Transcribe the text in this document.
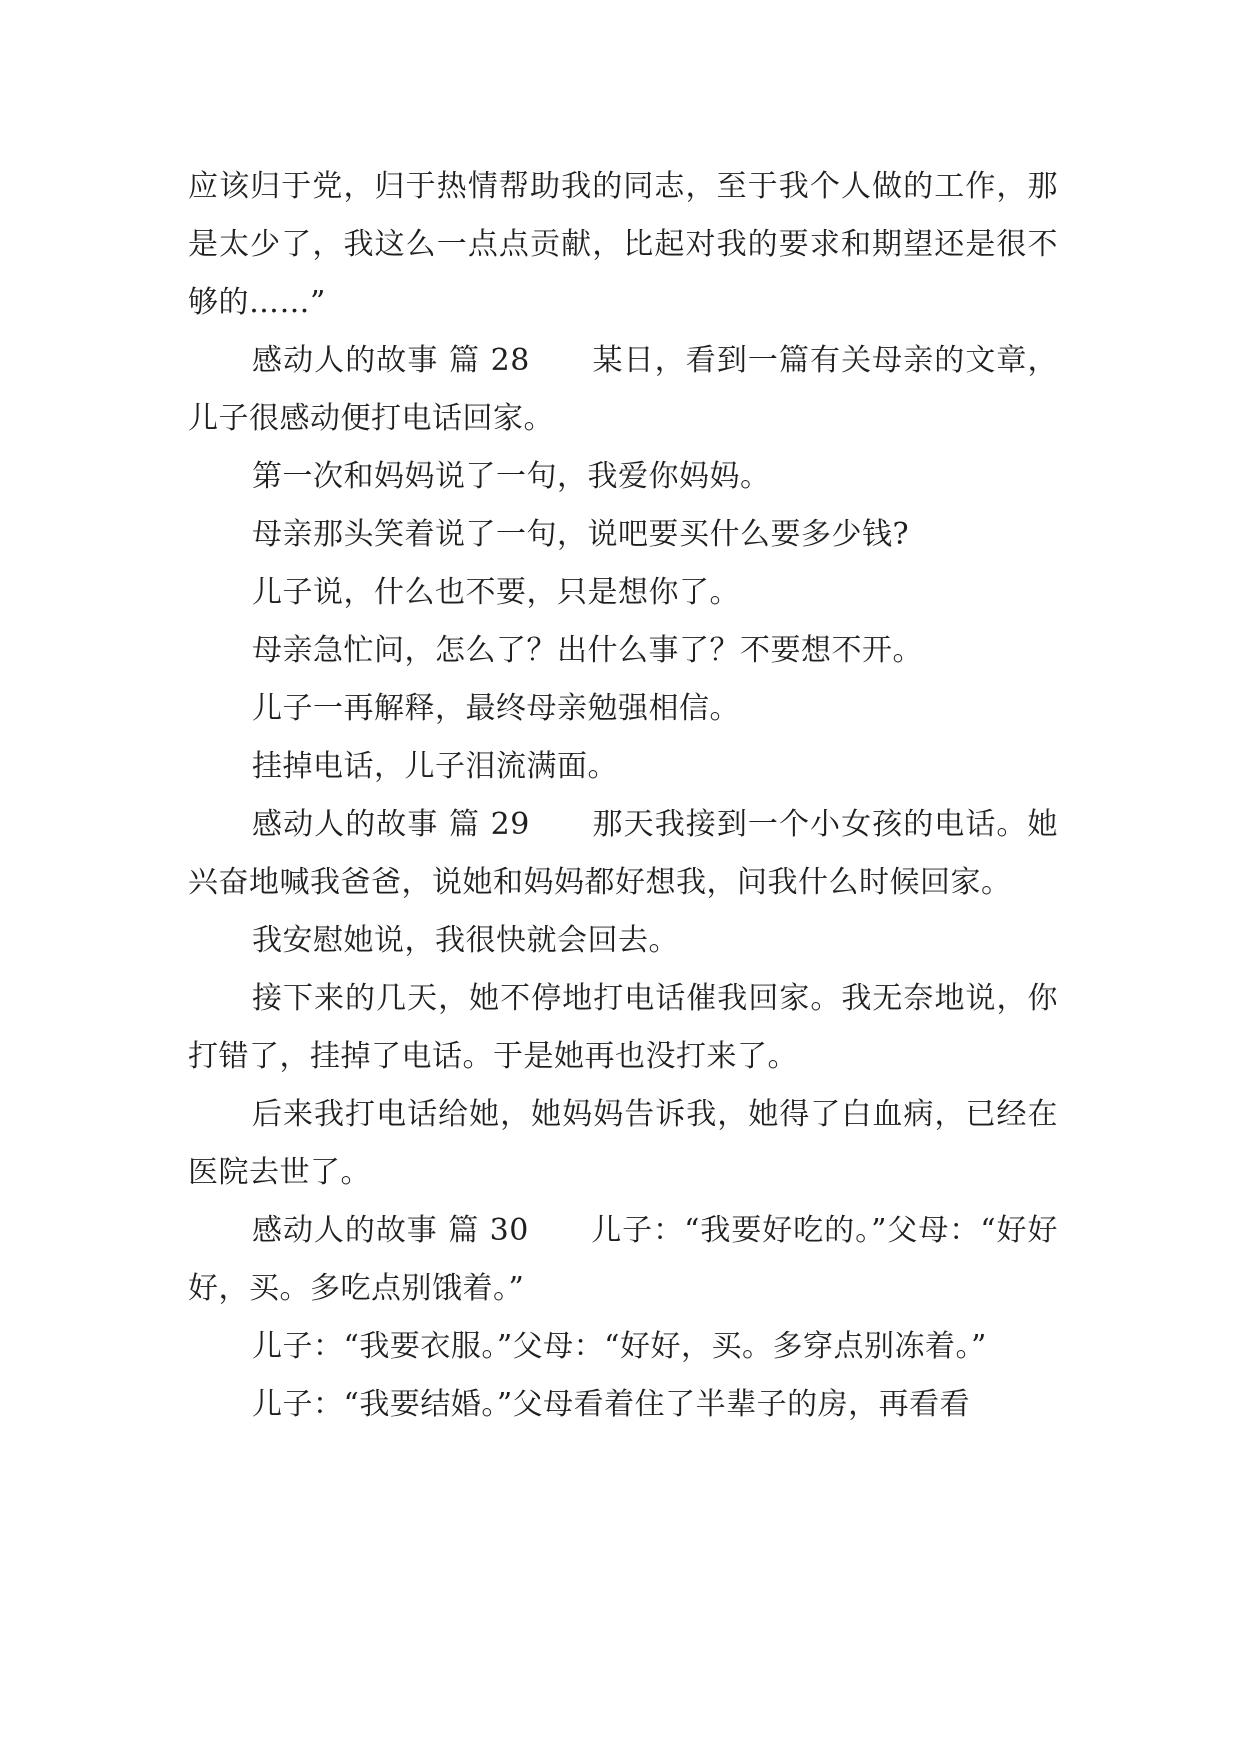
应该归于党，归于热情帮助我的同志，至于我个人做的工作，那是太少了，我这么一点点贡献，比起对我的要求和期望还是很不够的……”

感动人的故事 篇 28　　某日，看到一篇有关母亲的文章，儿子很感动便打电话回家。

第一次和妈妈说了一句，我爱你妈妈。

母亲那头笑着说了一句，说吧要买什么要多少钱?

儿子说，什么也不要，只是想你了。

母亲急忙问，怎么了？出什么事了？不要想不开。

儿子一再解释，最终母亲勉强相信。

挂掉电话，儿子泪流满面。

感动人的故事 篇 29　　那天我接到一个小女孩的电话。她兴奋地喊我爸爸，说她和妈妈都好想我，问我什么时候回家。

我安慰她说，我很快就会回去。

接下来的几天，她不停地打电话催我回家。我无奈地说，你打错了，挂掉了电话。于是她再也没打来了。

后来我打电话给她，她妈妈告诉我，她得了白血病，已经在医院去世了。

感动人的故事 篇 30　　儿子：“我要好吃的。”父母：“好好好，买。多吃点别饿着。”

儿子：“我要衣服。”父母：“好好，买。多穿点别冻着。”

儿子：“我要结婚。”父母看着住了半辈子的房，再看看
